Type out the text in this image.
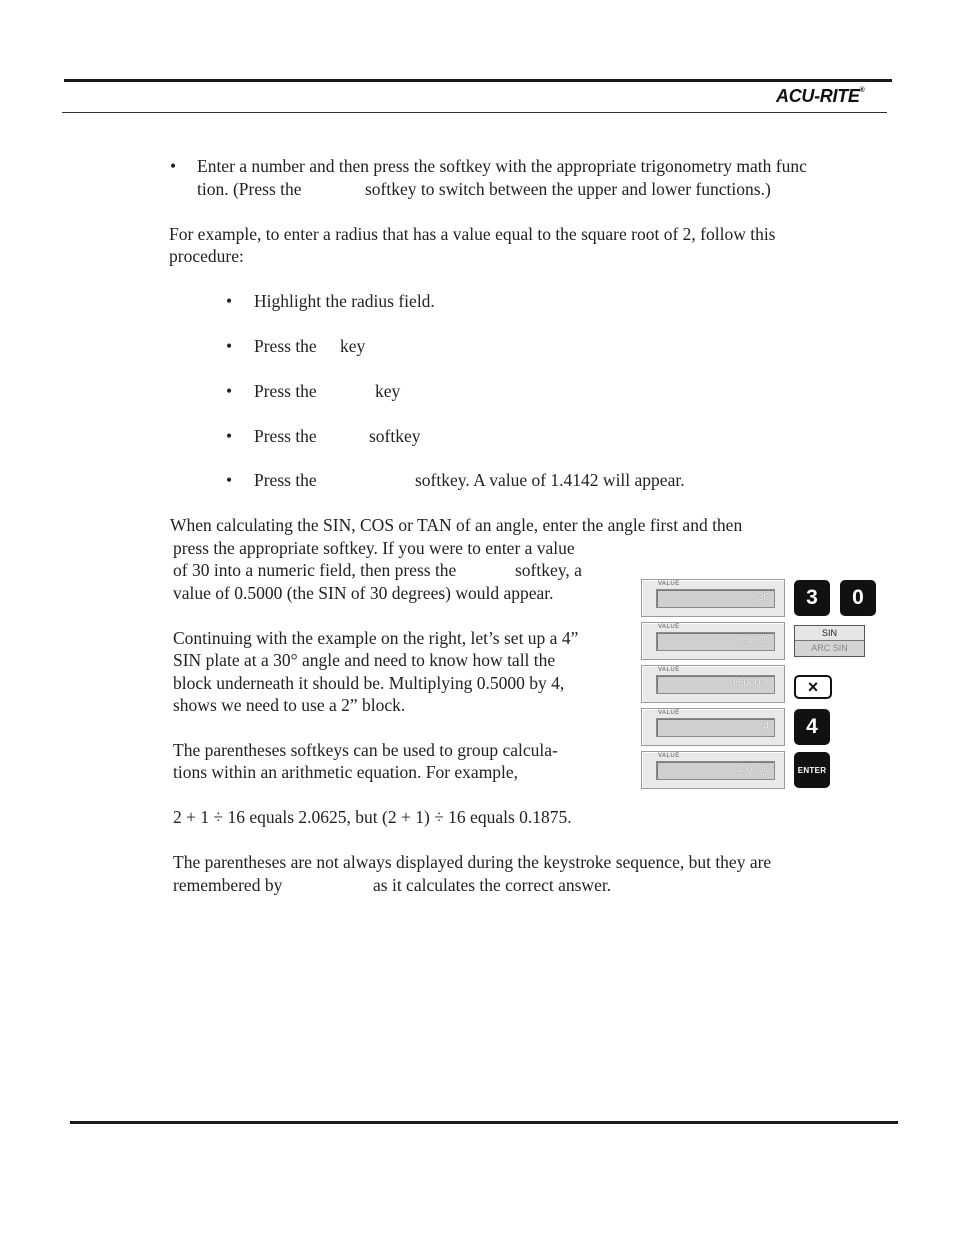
ACU-RITE®
• Enter a number and then press the softkey with the appropriate trigonometry math func
tion. (Press the	softkey to switch between the upper and lower functions.)
For example, to enter a radius that has a value equal to the square root of 2, follow this
procedure:
• Highlight the radius field.
• Press the key
• Press the	key
• Press the	softkey
• Press the	softkey. A value of 1.4142 will appear.
When calculating the SIN, COS or TAN of an angle, enter the angle first and then
press the appropriate softkey. If you were to enter a value
of 30 into a numeric field, then press the	softkey, a
value of 0.5000 (the SIN of 30 degrees) would appear.
Continuing with the example on the right, let’s set up a 4”
SIN plate at a 30° angle and need to know how tall the
block underneath it should be. Multiplying 0.5000 by 4,
shows we need to use a 2” block.
The parentheses softkeys can be used to group calcula-
tions within an arithmetic equation. For example,
2 + 1 ÷ 16 equals 2.0625, but (2 + 1) ÷ 16 equals 0.1875.
The parentheses are not always displayed during the keystroke sequence, but they are
remembered by	as it calculates the correct answer.
VALUE
30
VALUE
0.5000
VALUE
0.5000 ×
VALUE
4
VALUE
2.0000
3	0
SIN
ARC SIN
×
4
ENTER
